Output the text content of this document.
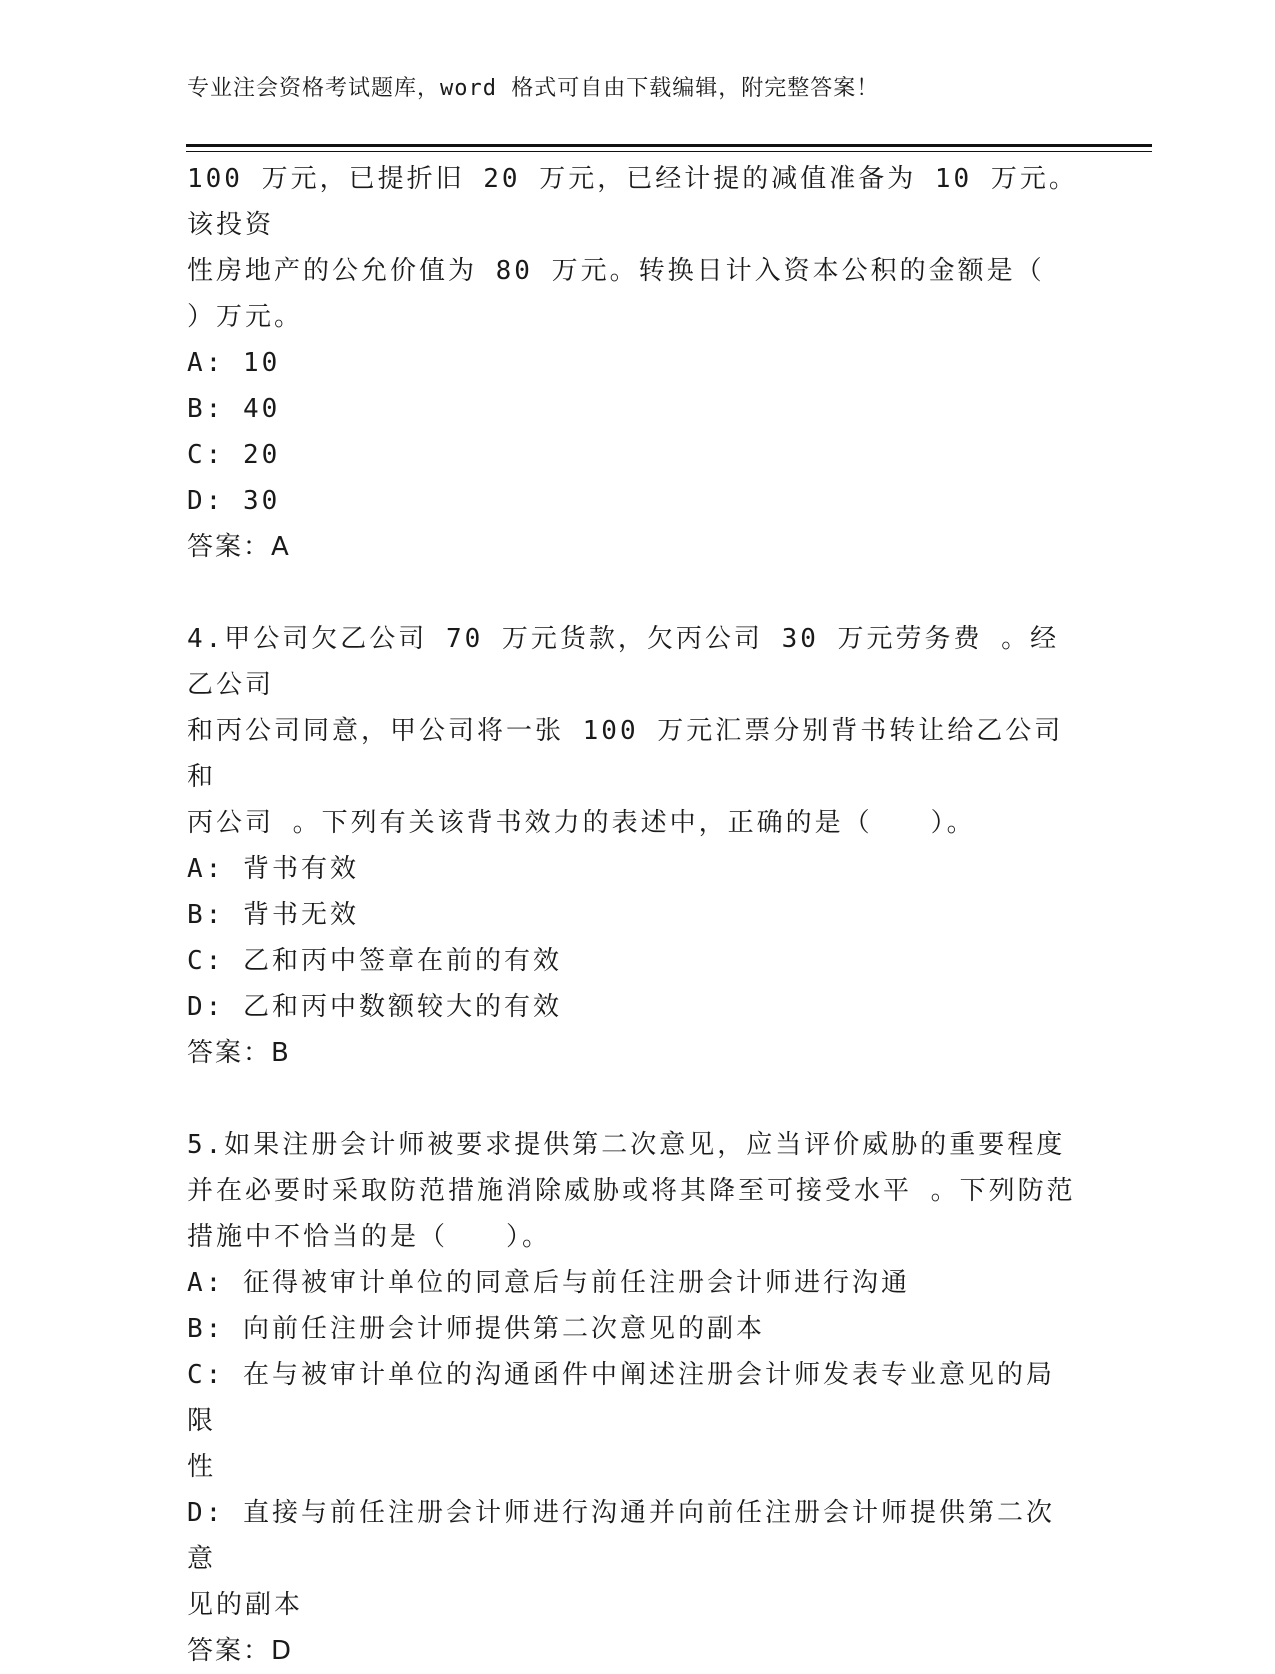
专业注会资格考试题库，word 格式可自由下载编辑，附完整答案！

100 万元，已提折旧 20 万元，已经计提的减值准备为 10 万元。该投资

性房地产的公允价值为 80 万元。转换日计入资本公积的金额是（

）万元。

A: 10

B: 40

C: 20

D: 30

答案：A

4.甲公司欠乙公司 70 万元货款，欠丙公司 30 万元劳务费 。经乙公司

和丙公司同意，甲公司将一张 100 万元汇票分别背书转让给乙公司和

丙公司 。下列有关该背书效力的表述中，正确的是（　　）。

A: 背书有效

B: 背书无效

C: 乙和丙中签章在前的有效

D: 乙和丙中数额较大的有效

答案：B

5.如果注册会计师被要求提供第二次意见，应当评价威胁的重要程度

并在必要时采取防范措施消除威胁或将其降至可接受水平 。下列防范

措施中不恰当的是（　　）。

A: 征得被审计单位的同意后与前任注册会计师进行沟通

B: 向前任注册会计师提供第二次意见的副本

C: 在与被审计单位的沟通函件中阐述注册会计师发表专业意见的局限

性

D: 直接与前任注册会计师进行沟通并向前任注册会计师提供第二次意

见的副本

答案：D
